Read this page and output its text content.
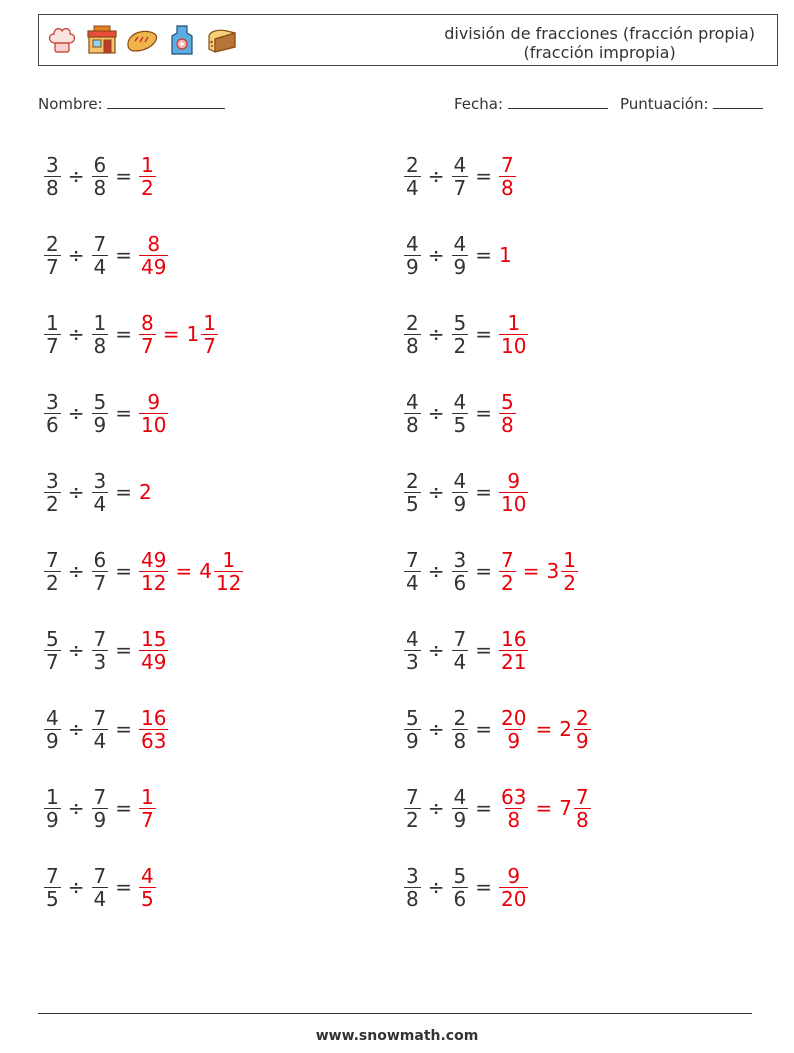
división de fracciones (fracción propia)
(fracción impropia)
Nombre:	Fecha:	Puntuación:
$\frac{3}{8} \div \frac{6}{8} = \frac{1}{2}$	$\frac{2}{4} \div \frac{4}{7} = \frac{7}{8}$
$\frac{2}{7} \div \frac{7}{4} = \frac{8}{49}$	$\frac{4}{9} \div \frac{4}{9} = 1$
$\frac{1}{7} \div \frac{1}{8} = \frac{8}{7} = 1 \frac{1}{7}$	$\frac{2}{8} \div \frac{5}{2} = \frac{1}{10}$
$\frac{3}{6} \div \frac{5}{9} = \frac{9}{10}$	$\frac{4}{8} \div \frac{4}{5} = \frac{5}{8}$
$\frac{3}{2} \div \frac{3}{4} = 2$	$\frac{2}{5} \div \frac{4}{9} = \frac{9}{10}$
$\frac{7}{2} \div \frac{6}{7} = \frac{49}{12} = 4 \frac{1}{12}$	$\frac{7}{4} \div \frac{3}{6} = \frac{7}{2} = 3 \frac{1}{2}$
$\frac{5}{7} \div \frac{7}{3} = \frac{15}{49}$	$\frac{4}{3} \div \frac{7}{4} = \frac{16}{21}$
$\frac{4}{9} \div \frac{7}{4} = \frac{16}{63}$	$\frac{5}{9} \div \frac{2}{8} = \frac{20}{9} = 2 \frac{2}{9}$
$\frac{1}{9} \div \frac{7}{9} = \frac{1}{7}$	$\frac{7}{2} \div \frac{4}{9} = \frac{63}{8} = 7 \frac{7}{8}$
$\frac{7}{5} \div \frac{7}{4} = \frac{4}{5}$	$\frac{3}{8} \div \frac{5}{6} = \frac{9}{20}$
www.snowmath.com
